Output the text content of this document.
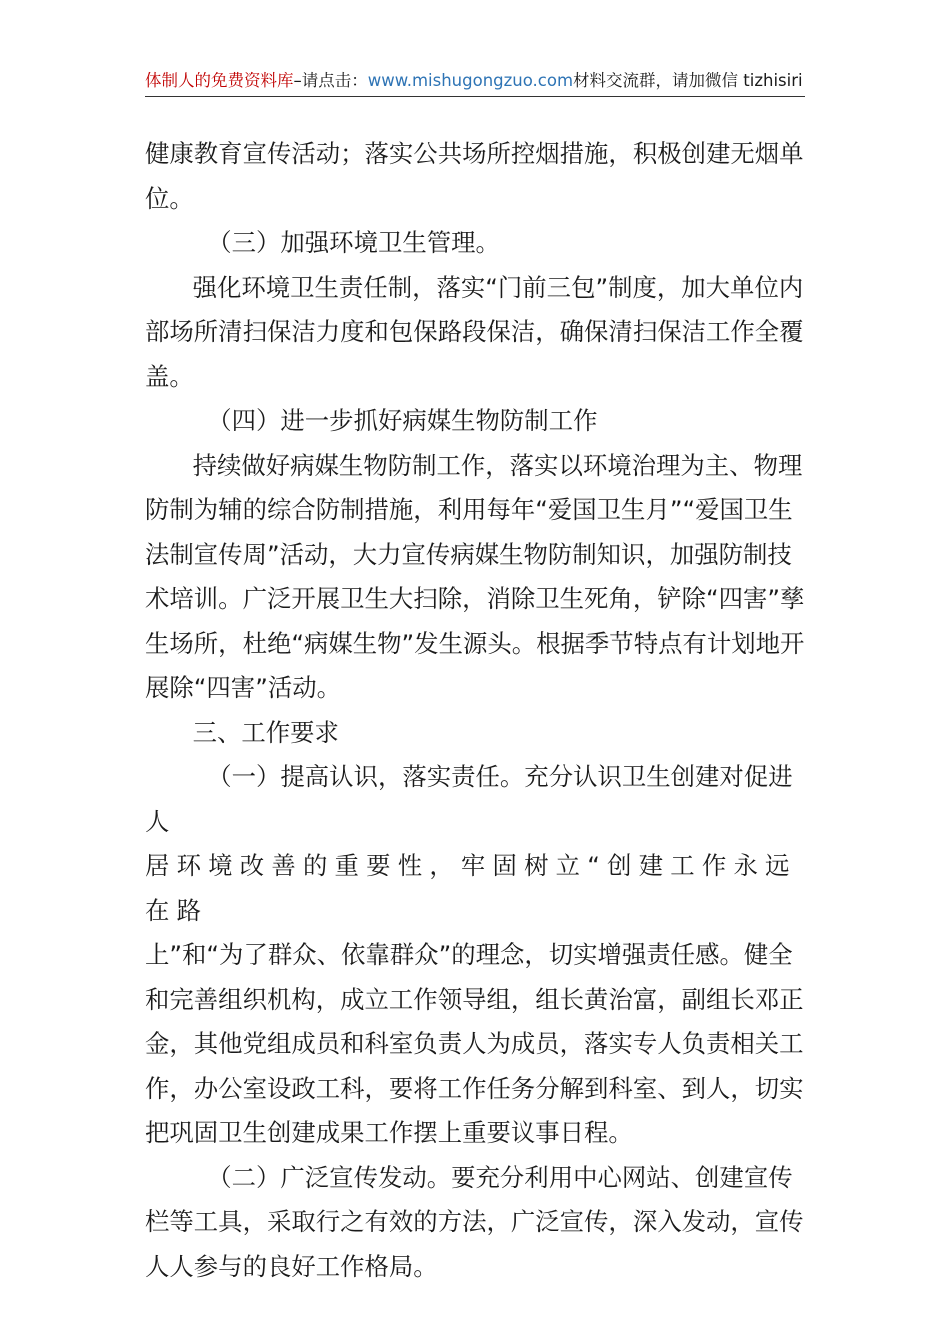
体制人的免费资料库–请点击：www.mishugongzuo.com材料交流群，请加微信 tizhisiri

健康教育宣传活动；落实公共场所控烟措施，积极创建无烟单位。

（三）加强环境卫生管理。

强化环境卫生责任制，落实“门前三包”制度，加大单位内部场所清扫保洁力度和包保路段保洁，确保清扫保洁工作全覆盖。

（四）进一步抓好病媒生物防制工作

持续做好病媒生物防制工作，落实以环境治理为主、物理防制为辅的综合防制措施，利用每年“爱国卫生月”“爱国卫生法制宣传周”活动，大力宣传病媒生物防制知识，加强防制技术培训。广泛开展卫生大扫除，消除卫生死角，铲除“四害”孳生场所，杜绝“病媒生物”发生源头。根据季节特点有计划地开展除“四害”活动。

三、工作要求

（一）提高认识，落实责任。充分认识卫生创建对促进人

居环境改善的重要性，牢固树立“创建工作永远在路

上”和“为了群众、依靠群众”的理念，切实增强责任感。健全和完善组织机构，成立工作领导组，组长黄治富，副组长邓正金，其他党组成员和科室负责人为成员，落实专人负责相关工作，办公室设政工科，要将工作任务分解到科室、到人，切实把巩固卫生创建成果工作摆上重要议事日程。

（二）广泛宣传发动。要充分利用中心网站、创建宣传栏等工具，采取行之有效的方法，广泛宣传，深入发动，宣传人人参与的良好工作格局。
